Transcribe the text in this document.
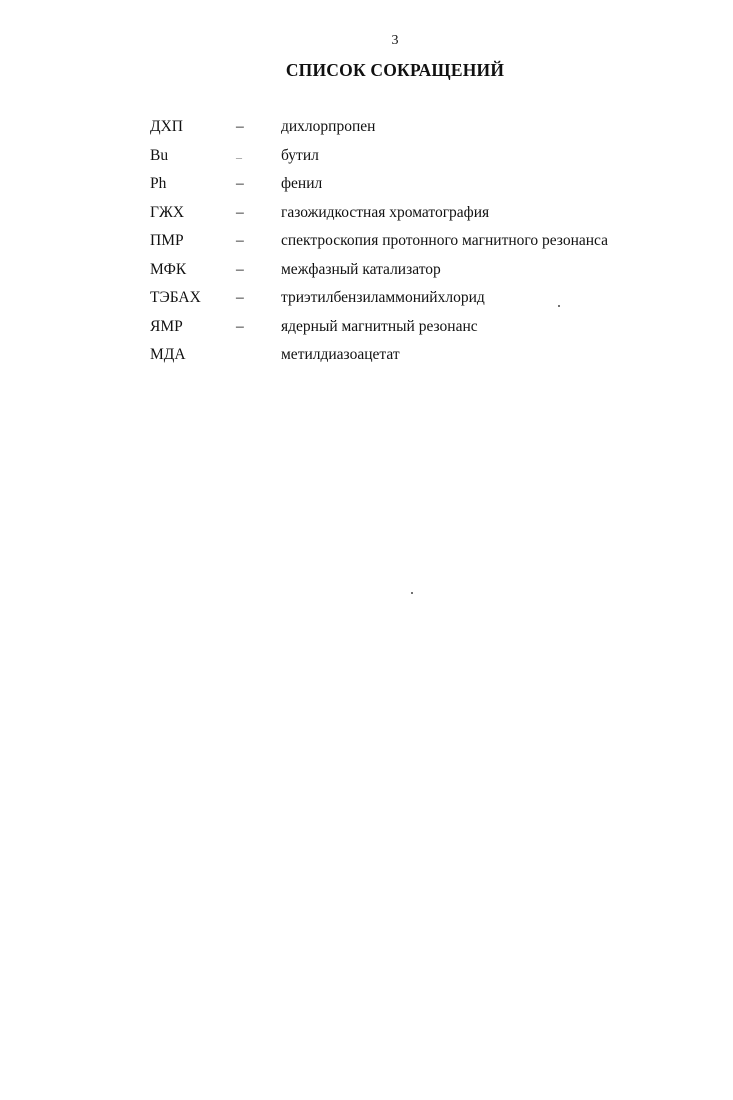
3
СПИСОК СОКРАЩЕНИЙ
ДХП	– дихлорпропен
Bu	–	бутил
Ph	– фенил
ГЖХ	– газожидкостная хроматография
ПМР	– спектроскопия протонного магнитного резонанса
МФК	– межфазный катализатор
ТЭБАХ – триэтилбензиламмонийхлорид
ЯМР	– ядерный магнитный резонанс
МДА	метилдиазоацетат
